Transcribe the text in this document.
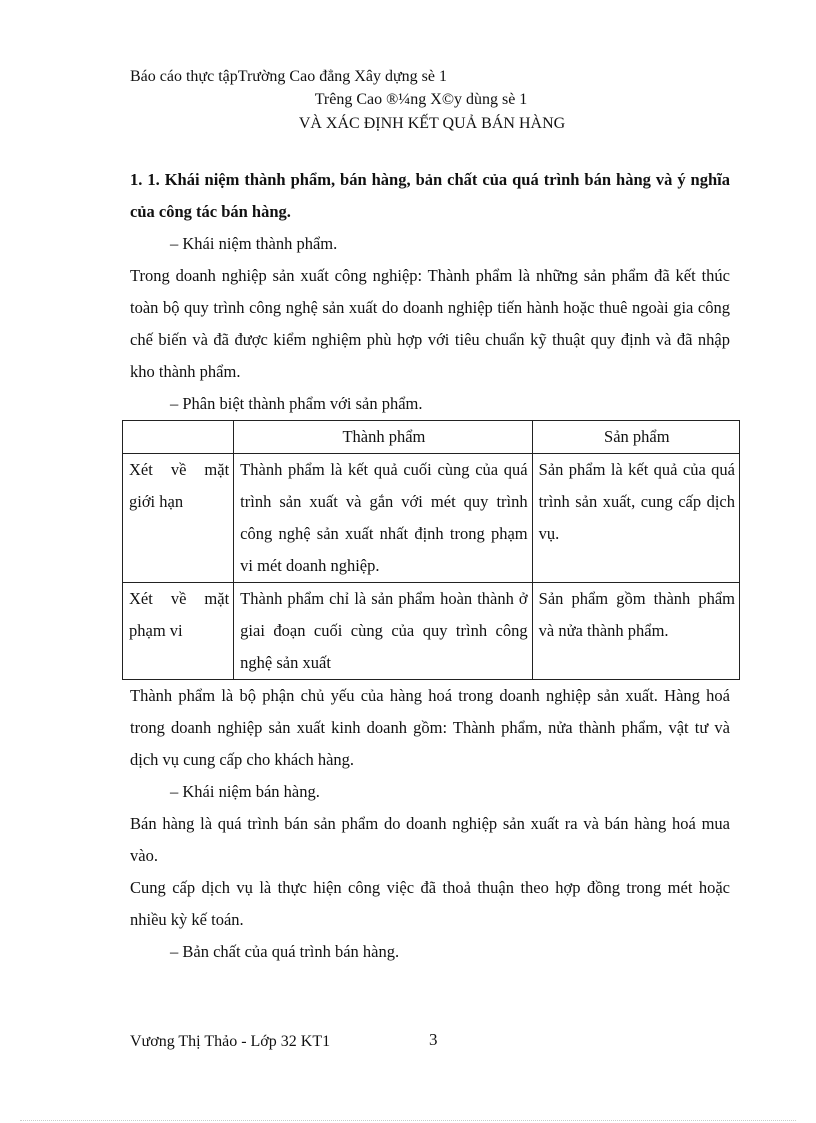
Báo cáo thực tậpTrường Cao đẳng Xây dựng sè 1
Trêng Cao ®¼ng X©y dùng sè 1
VÀ XÁC ĐỊNH KẾT QUẢ BÁN HÀNG

1. 1. Khái niệm thành phẩm, bán hàng, bản chất của quá trình bán hàng và ý nghĩa của công tác bán hàng.

– Khái niệm thành phẩm.

Trong doanh nghiệp sản xuất công nghiệp: Thành phẩm là những sản phẩm đã kết thúc toàn bộ quy trình công nghệ sản xuất do doanh nghiệp tiến hành hoặc thuê ngoài gia công chế biến và đã được kiểm nghiệm phù hợp với tiêu chuẩn kỹ thuật quy định và đã nhập kho thành phẩm.

– Phân biệt thành phẩm với sản phẩm.

	Thành phẩm	Sản phẩm
Xét về mặt giới hạn	Thành phẩm là kết quả cuối cùng của quá trình sản xuất và gắn với mét quy trình công nghệ sản xuất nhất định trong phạm vi mét doanh nghiệp.	Sản phẩm là kết quả của quá trình sản xuất, cung cấp dịch vụ.
Xét về mặt phạm vi	Thành phẩm chỉ là sản phẩm hoàn thành ở giai đoạn cuối cùng của quy trình công nghệ sản xuất	Sản phẩm gồm thành phẩm và nửa thành phẩm.

Thành phẩm là bộ phận chủ yếu của hàng hoá trong doanh nghiệp sản xuất. Hàng hoá trong doanh nghiệp sản xuất kinh doanh gồm: Thành phẩm, nửa thành phẩm, vật tư và dịch vụ cung cấp cho khách hàng.

– Khái niệm bán hàng.

Bán hàng là quá trình bán sản phẩm do doanh nghiệp sản xuất ra và bán hàng hoá mua vào.

Cung cấp dịch vụ là thực hiện công việc đã thoả thuận theo hợp đồng trong mét hoặc nhiều kỳ kế toán.

– Bản chất của quá trình bán hàng.

Vương Thị Thảo - Lớp 32 KT1	3
